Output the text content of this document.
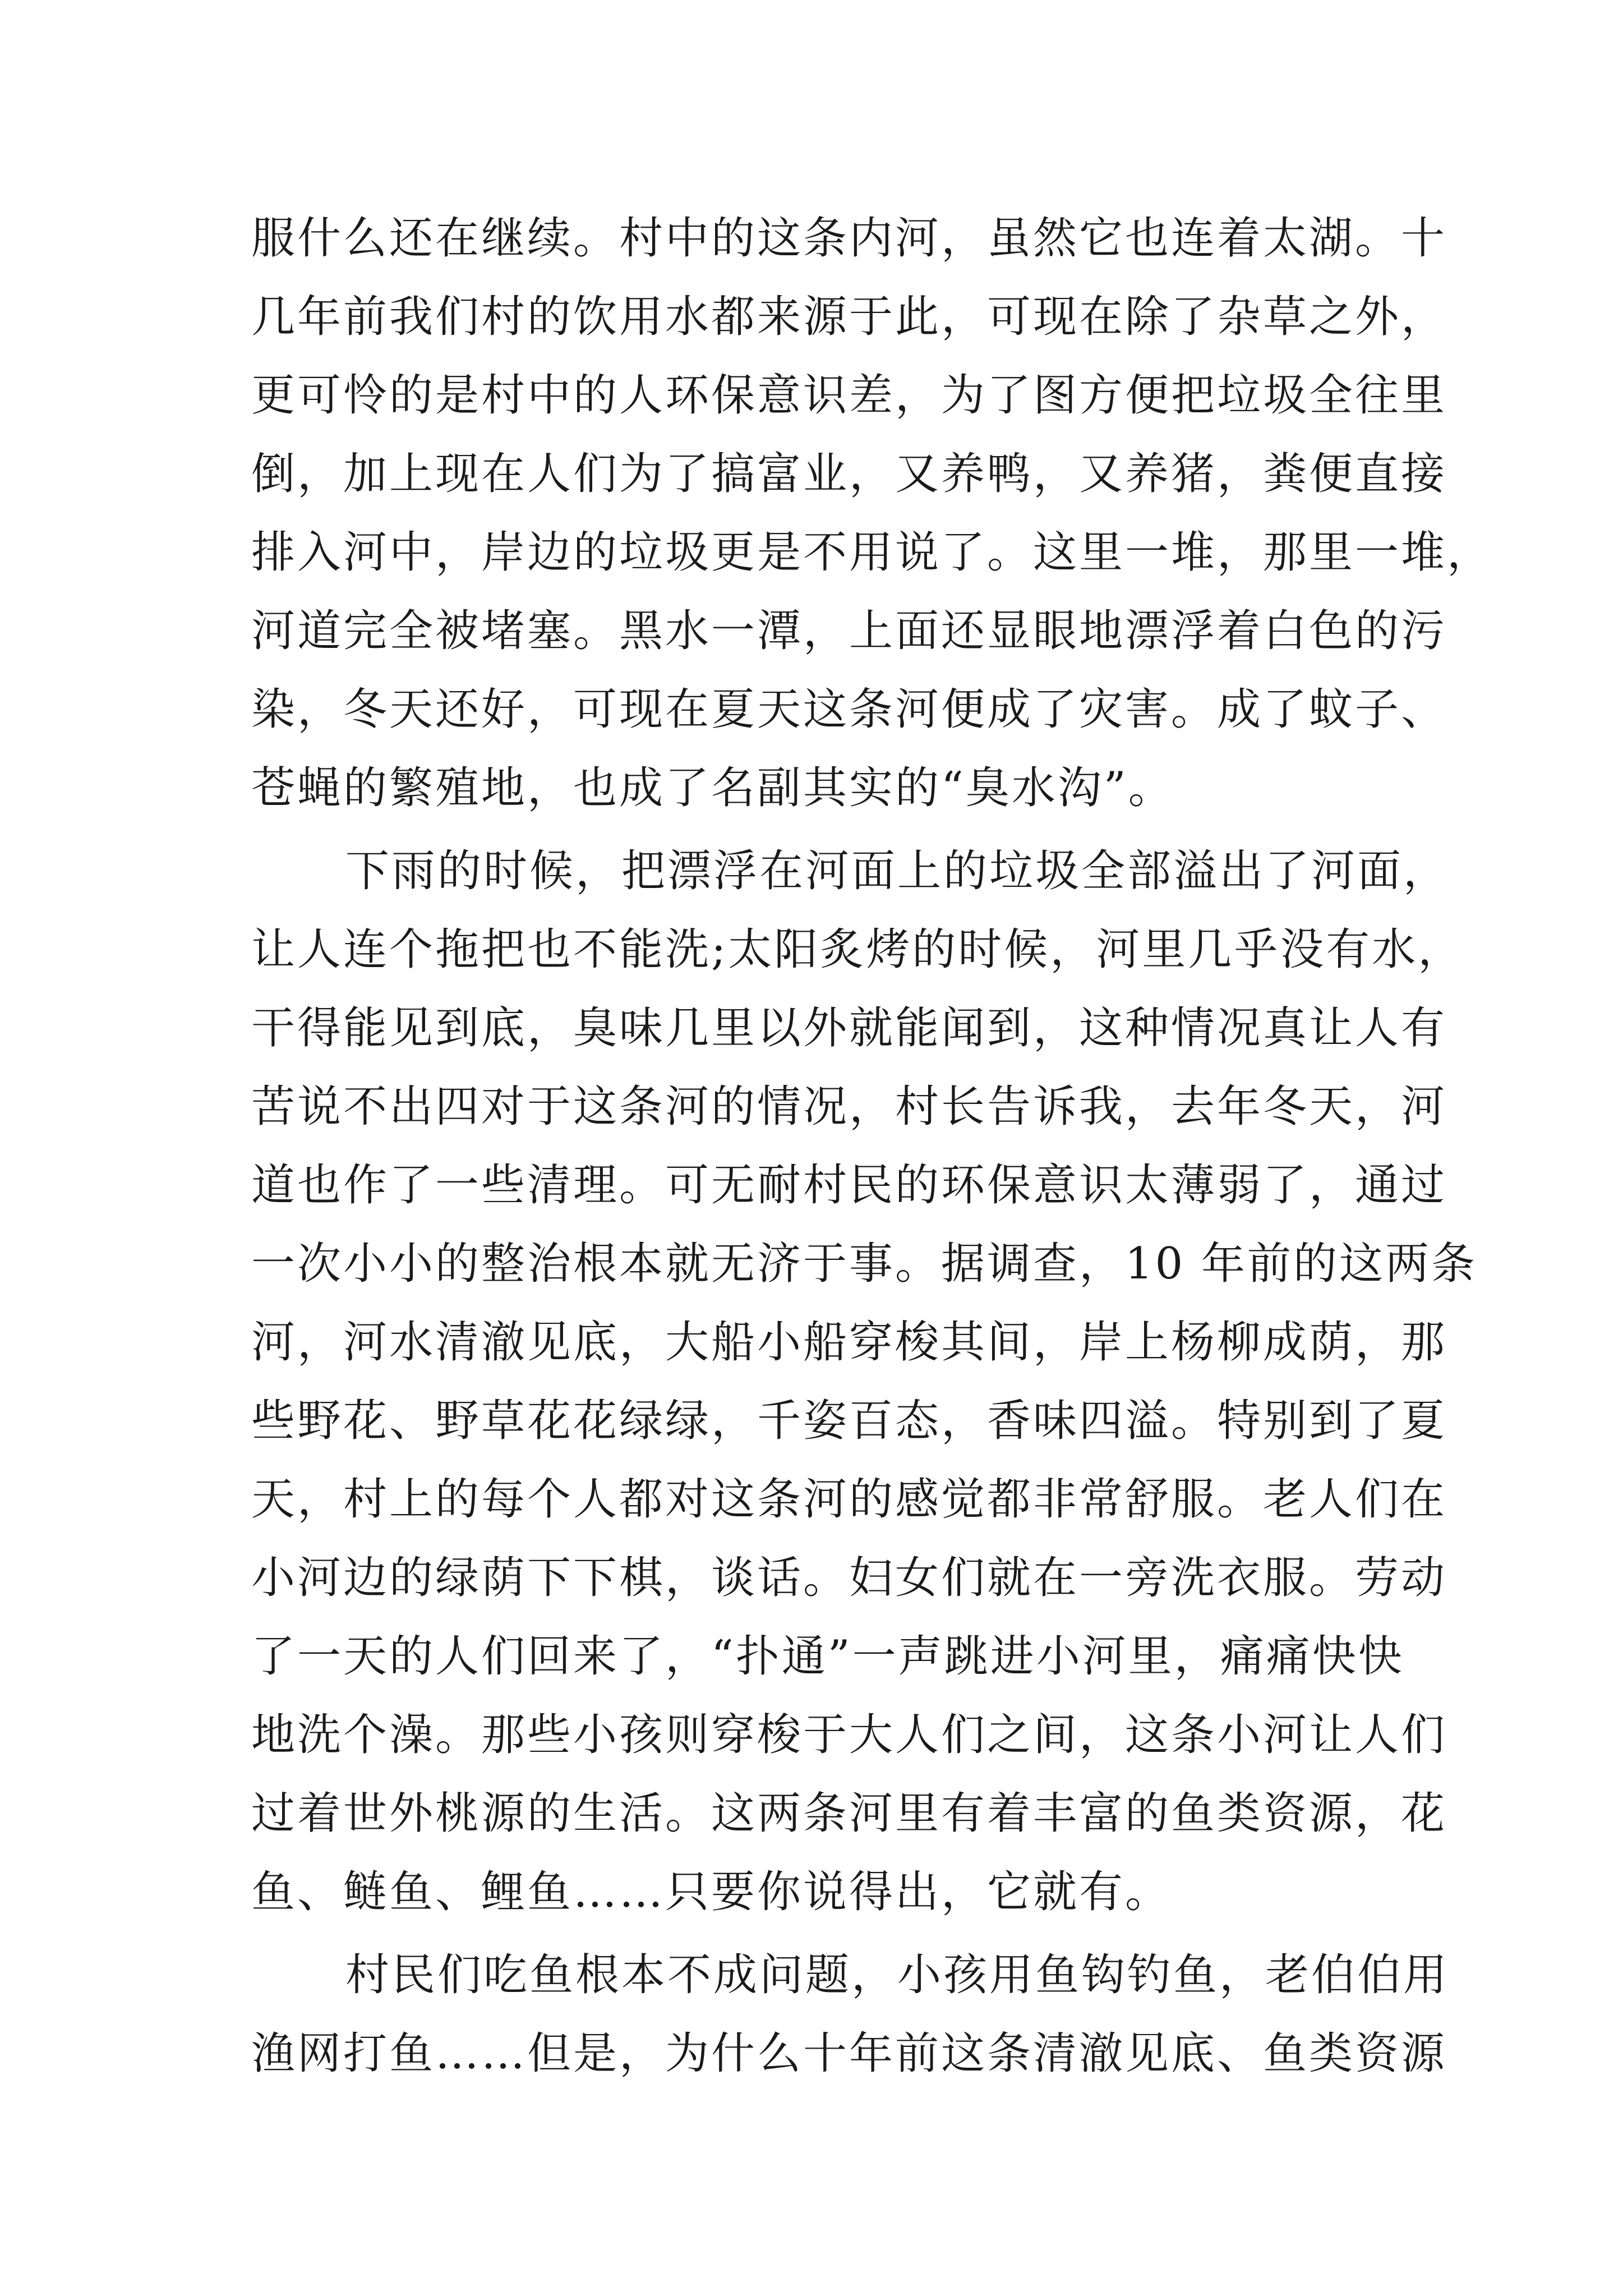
服什么还在继续。村中的这条内河，虽然它也连着太湖。十
几年前我们村的饮用水都来源于此，可现在除了杂草之外，
更可怜的是村中的人环保意识差，为了图方便把垃圾全往里
倒，加上现在人们为了搞富业，又养鸭，又养猪，粪便直接
排入河中，岸边的垃圾更是不用说了。这里一堆，那里一堆，
河道完全被堵塞。黑水一潭，上面还显眼地漂浮着白色的污
染，冬天还好，可现在夏天这条河便成了灾害。成了蚊子、
苍蝇的繁殖地，也成了名副其实的“臭水沟”。

下雨的时候，把漂浮在河面上的垃圾全部溢出了河面，
让人连个拖把也不能洗;太阳炙烤的时候，河里几乎没有水，
干得能见到底，臭味几里以外就能闻到，这种情况真让人有
苦说不出四对于这条河的情况，村长告诉我，去年冬天，河
道也作了一些清理。可无耐村民的环保意识太薄弱了，通过
一次小小的整治根本就无济于事。据调查，10 年前的这两条
河，河水清澈见底，大船小船穿梭其间，岸上杨柳成荫，那
些野花、野草花花绿绿，千姿百态，香味四溢。特别到了夏
天，村上的每个人都对这条河的感觉都非常舒服。老人们在
小河边的绿荫下下棋，谈话。妇女们就在一旁洗衣服。劳动
了一天的人们回来了，“扑通”一声跳进小河里，痛痛快快
地洗个澡。那些小孩则穿梭于大人们之间，这条小河让人们
过着世外桃源的生活。这两条河里有着丰富的鱼类资源，花
鱼、鲢鱼、鲤鱼……只要你说得出，它就有。

村民们吃鱼根本不成问题，小孩用鱼钩钓鱼，老伯伯用
渔网打鱼……但是，为什么十年前这条清澈见底、鱼类资源
